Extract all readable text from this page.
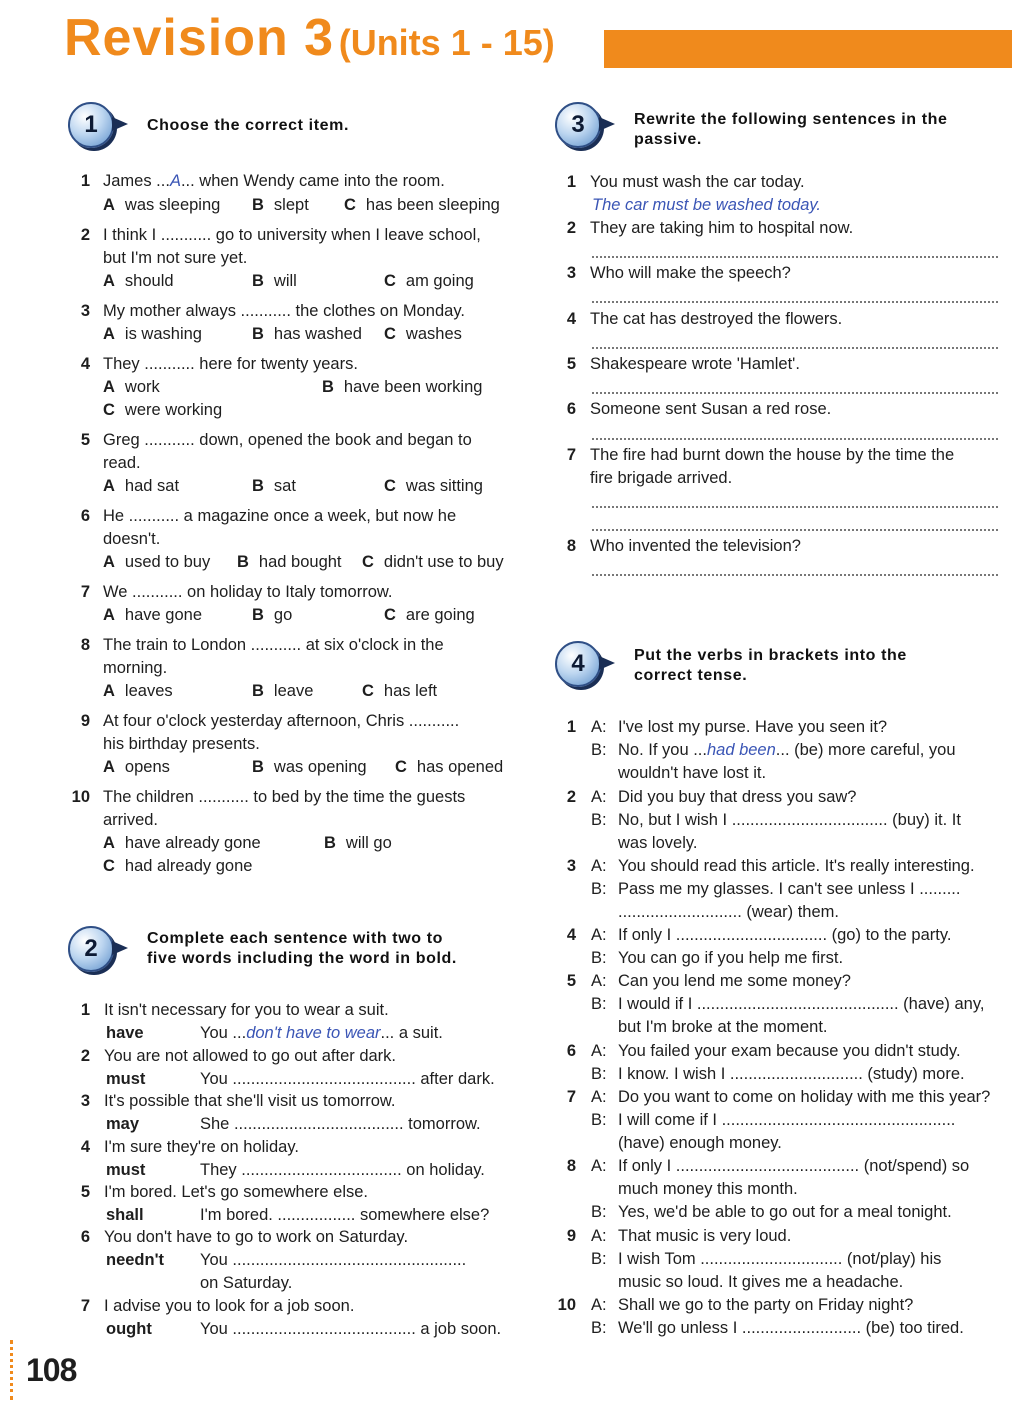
Revision 3 (Units 1 - 15)
1	Choose the correct item.
1 James ...A... when Wendy came into the room.
A was sleeping B slept C has been sleeping
2 I think I ........... go to university when I leave school,
but I'm not sure yet.
A should	B will	C am going
3 My mother always ........... the clothes on Monday.
A is washing	B has washed C washes
4 They ........... here for twenty years.
A work	B have been working
C were working
5 Greg ........... down, opened the book and began to
read.
A had sat	B sat	C was sitting
6 He ........... a magazine once a week, but now he
doesn't.
A used to buy B had bought C didn't use to buy
7 We ........... on holiday to Italy tomorrow.
A have gone	B go	C are going
8 The train to London ........... at six o'clock in the
morning.
A leaves	B leave	C has left
9 At four o'clock yesterday afternoon, Chris ...........
his birthday presents.
A opens	B was opening C has opened
10 The children ........... to bed by the time the guests
arrived.
A have already gone	B will go
C had already gone
2	Complete each sentence with two to
five words including the word in bold.
1 It isn't necessary for you to wear a suit.
have	You ...don't have to wear... a suit.
2 You are not allowed to go out after dark.
must	You ........................................ after dark.
3 It's possible that she'll visit us tomorrow.
may	She ..................................... tomorrow.
4 I'm sure they're on holiday.
must	They ................................... on holiday.
5 I'm bored. Let's go somewhere else.
shall	I'm bored. ................. somewhere else?
6 You don't have to go to work on Saturday.
needn't You ...................................................
on Saturday.
7 I advise you to look for a job soon.
ought	You ........................................ a job soon.
3	Rewrite the following sentences in the
passive.
1 You must wash the car today.
The car must be washed today.
2 They are taking him to hospital now.
3 Who will make the speech?
4 The cat has destroyed the flowers.
5 Shakespeare wrote 'Hamlet'.
6 Someone sent Susan a red rose.
7 The fire had burnt down the house by the time the
fire brigade arrived.
8 Who invented the television?
4	Put the verbs in brackets into the
correct tense.
1 A: I've lost my purse. Have you seen it?
B: No. If you ...had been... (be) more careful, you
wouldn't have lost it.
2 A: Did you buy that dress you saw?
B: No, but I wish I .................................. (buy) it. It
was lovely.
3 A: You should read this article. It's really interesting.
B: Pass me my glasses. I can't see unless I .........
........................... (wear) them.
4 A: If only I ................................. (go) to the party.
B: You can go if you help me first.
5 A: Can you lend me some money?
B: I would if I ............................................ (have) any,
but I'm broke at the moment.
6 A: You failed your exam because you didn't study.
B: I know. I wish I ............................. (study) more.
7 A: Do you want to come on holiday with me this year?
B: I will come if I ...................................................
(have) enough money.
8 A: If only I ........................................ (not/spend) so
much money this month.
B: Yes, we'd be able to go out for a meal tonight.
9 A: That music is very loud.
B: I wish Tom ............................... (not/play) his
music so loud. It gives me a headache.
10 A: Shall we go to the party on Friday night?
B: We'll go unless I .......................... (be) too tired.
108
